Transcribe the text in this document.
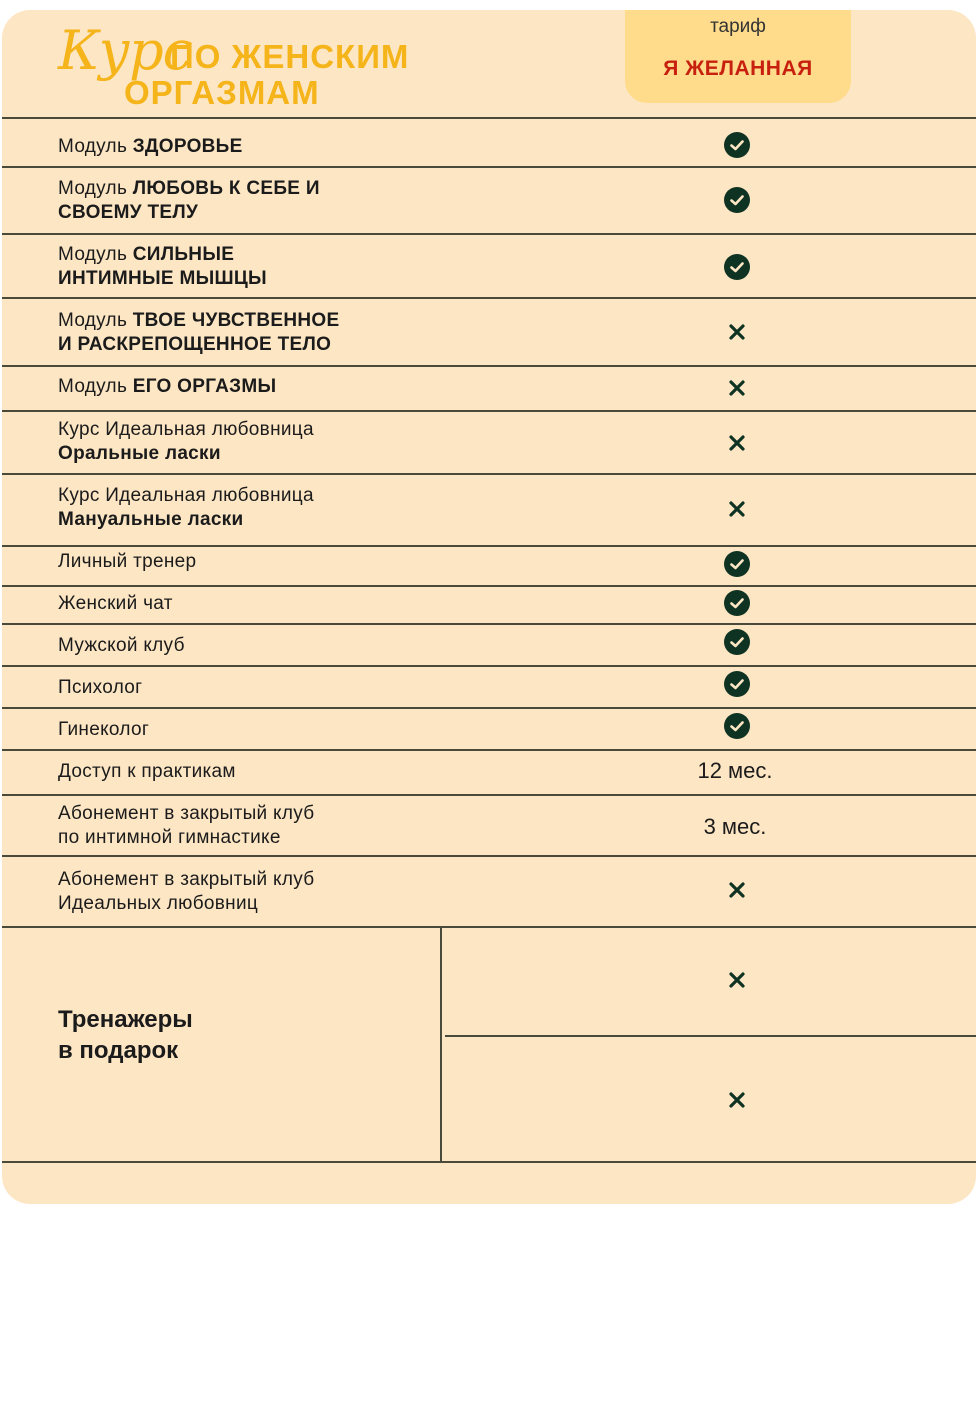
Курс
ПО ЖЕНСКИМ
ОРГАЗМАМ
тариф
Я ЖЕЛАННАЯ
Модуль ЗДОРОВЬЕ
Модуль ЛЮБОВЬ К СЕБЕ И
СВОЕМУ ТЕЛУ
Модуль СИЛЬНЫЕ
ИНТИМНЫЕ МЫШЦЫ
Модуль ТВОЕ ЧУВСТВЕННОЕ
И РАСКРЕПОЩЕННОЕ ТЕЛО
Модуль ЕГО ОРГАЗМЫ
Курс Идеальная любовница
Оральные ласки
Курс Идеальная любовница
Мануальные ласки
Личный тренер
Женский чат
Мужской клуб
Психолог
Гинеколог
Доступ к практикам	12 мес.
Абонемент в закрытый клуб
по интимной гимнастике	3 мес.
Абонемент в закрытый клуб
Идеальных любовниц
Тренажеры
в подарок
